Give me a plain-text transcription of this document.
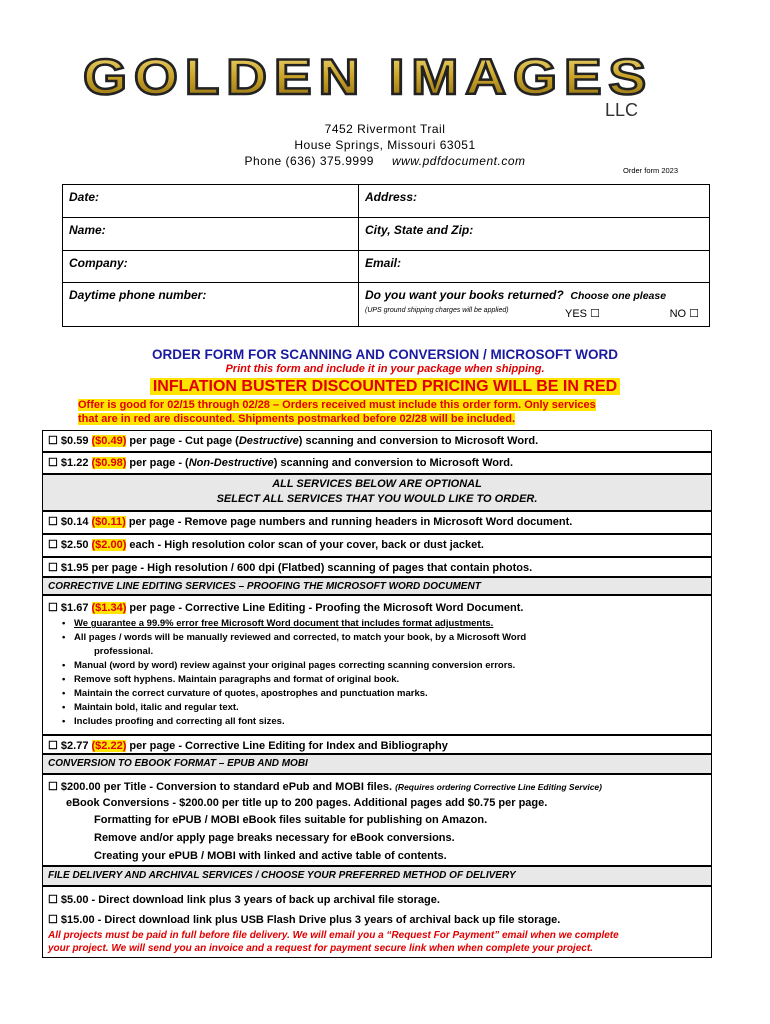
GOLDEN IMAGES
LLC
7452 Rivermont Trail
House Springs, Missouri 63051
Phone (636) 375.9999 www.pdfdocument.com
Order form 2023
Date:	Address:
Name:	City, State and Zip:
Company:	Email:
Daytime phone number:	Do you want your books returned? Choose one please
(UPS ground shipping charges will be applied) YES ☐ NO ☐
ORDER FORM FOR SCANNING AND CONVERSION / MICROSOFT WORD
Print this form and include it in your package when shipping.
INFLATION BUSTER DISCOUNTED PRICING WILL BE IN RED
Offer is good for 02/15 through 02/28 – Orders received must include this order form. Only services
that are in red are discounted. Shipments postmarked before 02/28 will be included.
☐ $0.59 ($0.49) per page - Cut page (Destructive) scanning and conversion to Microsoft Word.
☐ $1.22 ($0.98) per page - (Non-Destructive) scanning and conversion to Microsoft Word.
ALL SERVICES BELOW ARE OPTIONAL
SELECT ALL SERVICES THAT YOU WOULD LIKE TO ORDER.
☐ $0.14 ($0.11) per page - Remove page numbers and running headers in Microsoft Word document.
☐ $2.50 ($2.00) each - High resolution color scan of your cover, back or dust jacket.
☐ $1.95 per page - High resolution / 600 dpi (Flatbed) scanning of pages that contain photos.
CORRECTIVE LINE EDITING SERVICES – PROOFING THE MICROSOFT WORD DOCUMENT
☐ $1.67 ($1.34) per page - Corrective Line Editing - Proofing the Microsoft Word Document.
• We guarantee a 99.9% error free Microsoft Word document that includes format adjustments.
• All pages / words will be manually reviewed and corrected, to match your book, by a Microsoft Word
professional.
• Manual (word by word) review against your original pages correcting scanning conversion errors.
• Remove soft hyphens. Maintain paragraphs and format of original book.
• Maintain the correct curvature of quotes, apostrophes and punctuation marks.
• Maintain bold, italic and regular text.
• Includes proofing and correcting all font sizes.
☐ $2.77 ($2.22) per page - Corrective Line Editing for Index and Bibliography
CONVERSION TO EBOOK FORMAT – EPUB AND MOBI
☐ $200.00 per Title - Conversion to standard ePub and MOBI files. (Requires ordering Corrective Line Editing Service)
eBook Conversions - $200.00 per title up to 200 pages. Additional pages add $0.75 per page.
Formatting for ePUB / MOBI eBook files suitable for publishing on Amazon.
Remove and/or apply page breaks necessary for eBook conversions.
Creating your ePUB / MOBI with linked and active table of contents.
FILE DELIVERY AND ARCHIVAL SERVICES / CHOOSE YOUR PREFERRED METHOD OF DELIVERY
☐ $5.00 - Direct download link plus 3 years of back up archival file storage.
☐ $15.00 - Direct download link plus USB Flash Drive plus 3 years of archival back up file storage.
All projects must be paid in full before file delivery. We will email you a “Request For Payment” email when we complete
your project. We will send you an invoice and a request for payment secure link when when complete your project.
